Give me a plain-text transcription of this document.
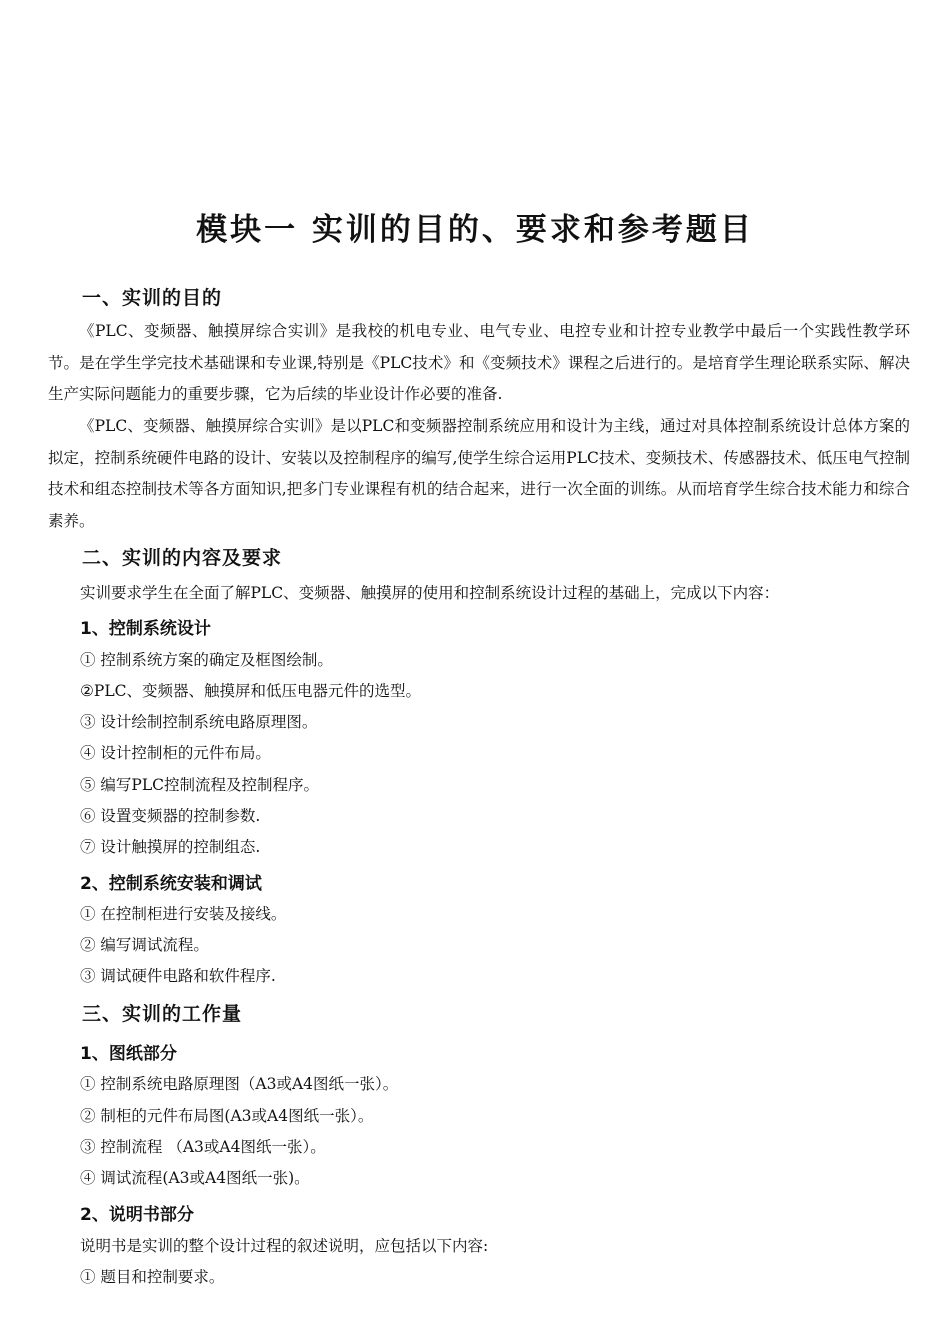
模块一 实训的目的、要求和参考题目
一、实训的目的

《PLC、变频器、触摸屏综合实训》是我校的机电专业、电气专业、电控专业和计控专业教学中最后一个实践性教学环节。是在学生学完技术基础课和专业课,特别是《PLC技术》和《变频技术》课程之后进行的。是培育学生理论联系实际、解决生产实际问题能力的重要步骤，它为后续的毕业设计作必要的准备.

《PLC、变频器、触摸屏综合实训》是以PLC和变频器控制系统应用和设计为主线，通过对具体控制系统设计总体方案的拟定，控制系统硬件电路的设计、安装以及控制程序的编写,使学生综合运用PLC技术、变频技术、传感器技术、低压电气控制技术和组态控制技术等各方面知识,把多门专业课程有机的结合起来，进行一次全面的训练。从而培育学生综合技术能力和综合素养。

二、实训的内容及要求

实训要求学生在全面了解PLC、变频器、触摸屏的使用和控制系统设计过程的基础上，完成以下内容：

1、控制系统设计

① 控制系统方案的确定及框图绘制。

②PLC、变频器、触摸屏和低压电器元件的选型。

③ 设计绘制控制系统电路原理图。

④ 设计控制柜的元件布局。

⑤ 编写PLC控制流程及控制程序。

⑥ 设置变频器的控制参数.

⑦ 设计触摸屏的控制组态.

2、控制系统安装和调试

① 在控制柜进行安装及接线。

② 编写调试流程。

③ 调试硬件电路和软件程序.

三、实训的工作量
1、图纸部分

① 控制系统电路原理图（A3或A4图纸一张）。

② 制柜的元件布局图(A3或A4图纸一张）。

③ 控制流程 （A3或A4图纸一张）。

④ 调试流程(A3或A4图纸一张)。

2、说明书部分

说明书是实训的整个设计过程的叙述说明，应包括以下内容:

① 题目和控制要求。
